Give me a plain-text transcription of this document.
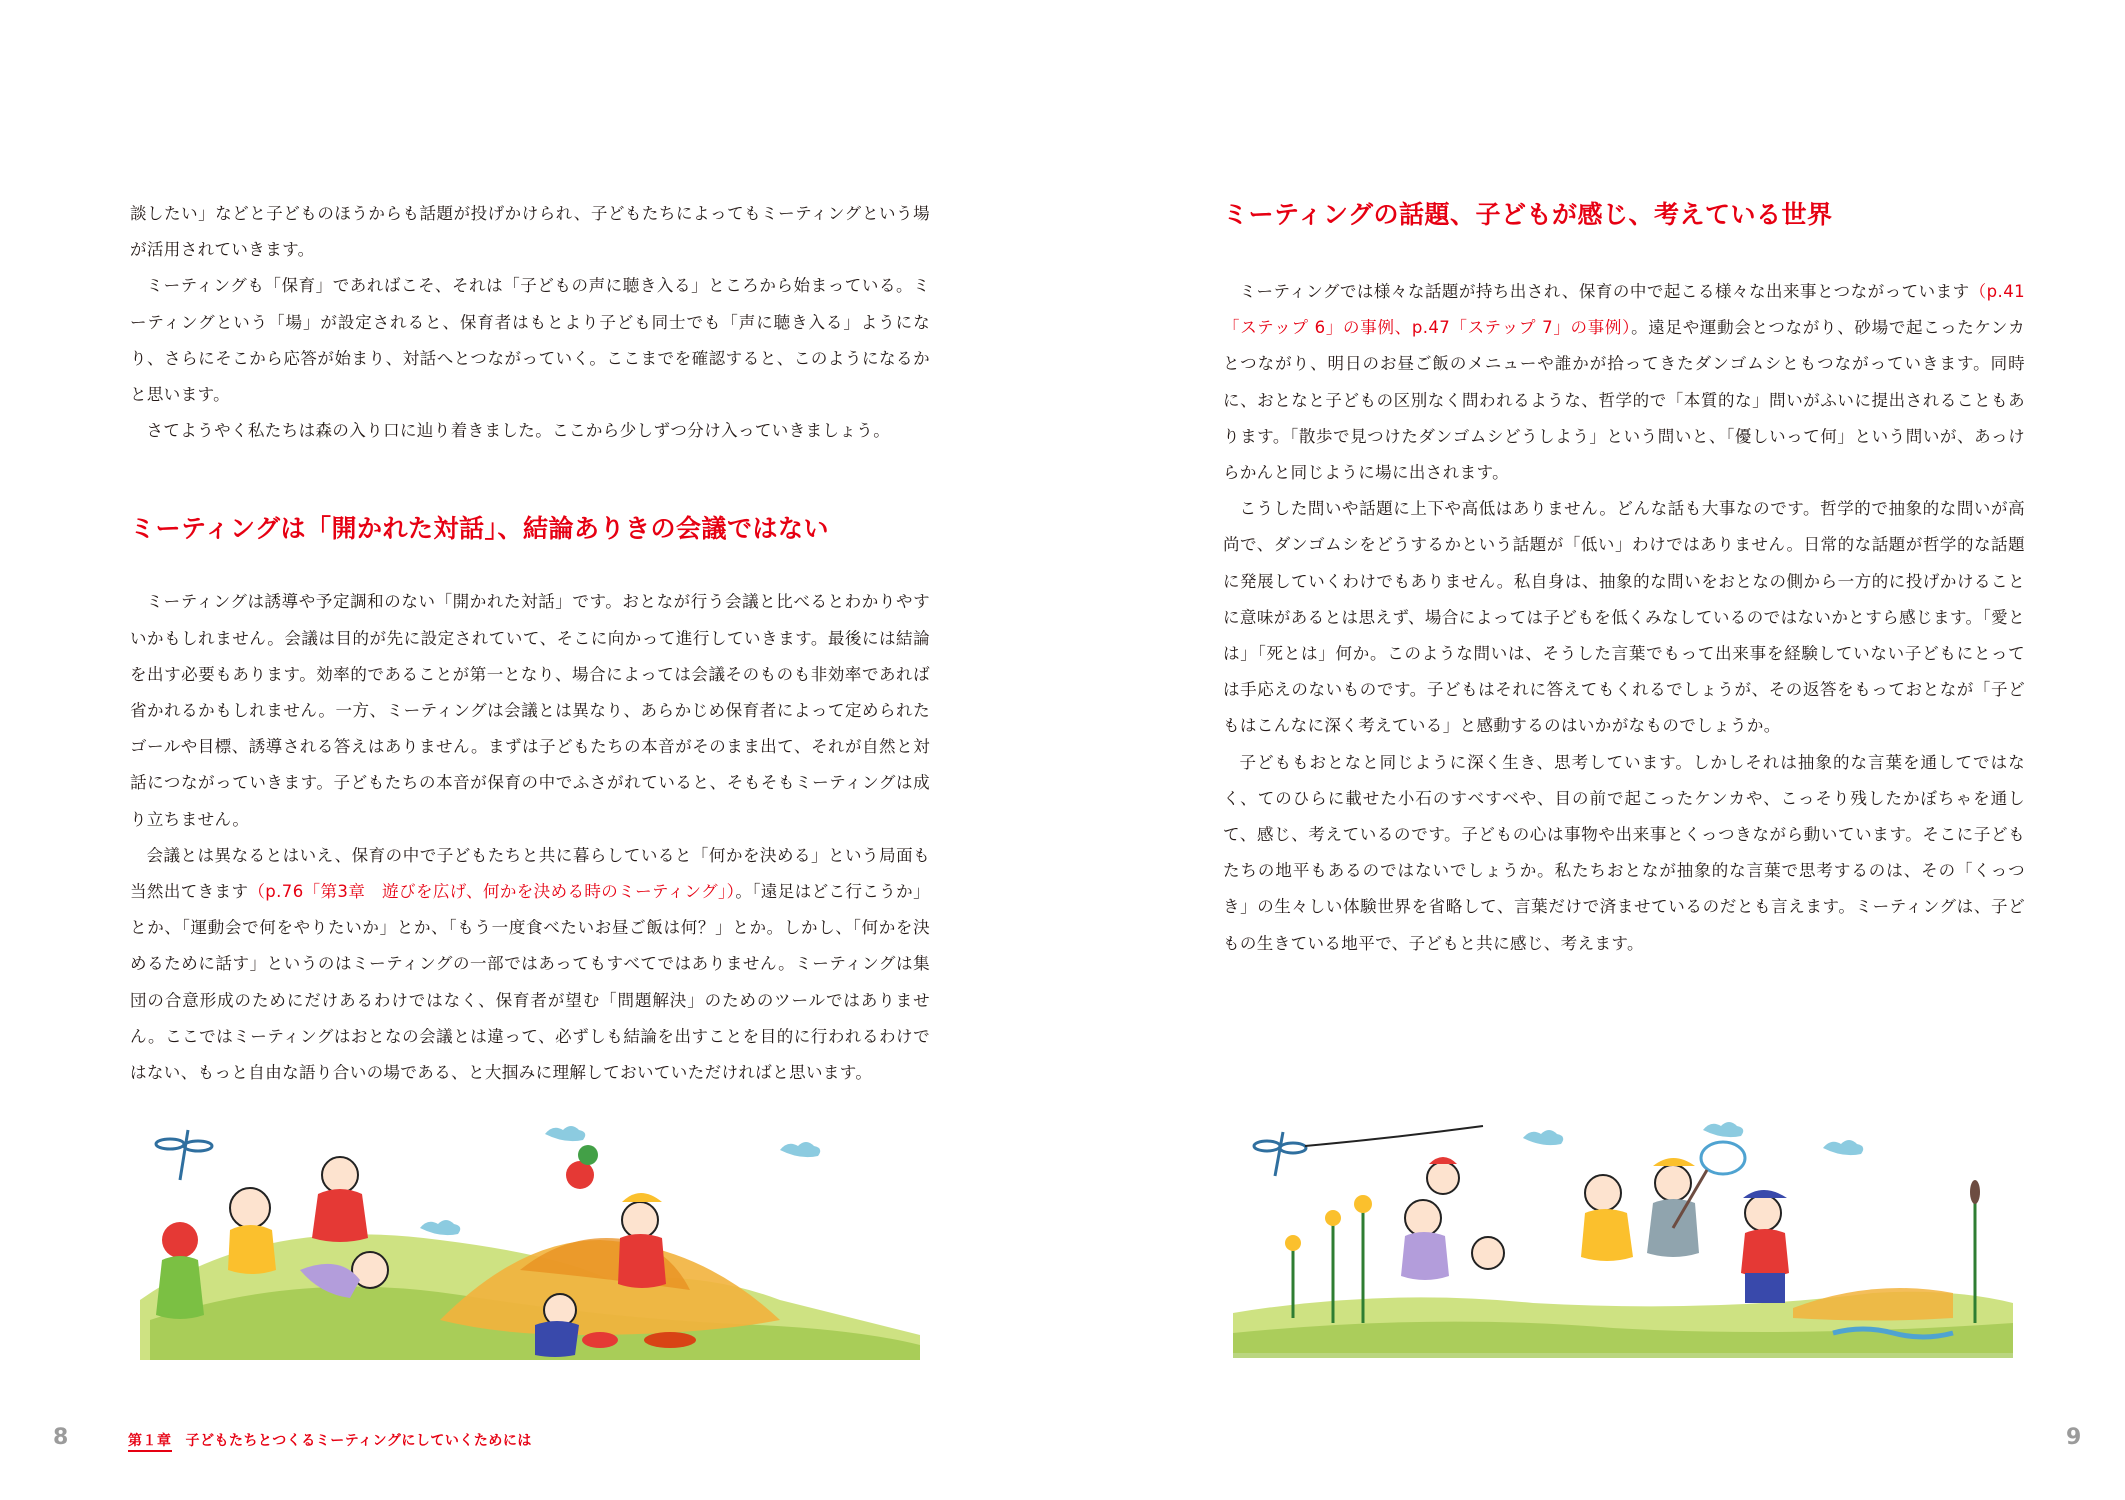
談したい」などと子どものほうからも話題が投げかけられ、子どもたちによってもミーティングという場が活用されていきます。

ミーティングも「保育」であればこそ、それは「子どもの声に聴き入る」ところから始まっている。ミーティングという「場」が設定されると、保育者はもとより子ども同士でも「声に聴き入る」ようになり、さらにそこから応答が始まり、対話へとつながっていく。ここまでを確認すると、このようになるかと思います。

さてようやく私たちは森の入り口に辿り着きました。ここから少しずつ分け入っていきましょう。

ミーティングは「開かれた対話」、結論ありきの会議ではない

ミーティングは誘導や予定調和のない「開かれた対話」です。おとなが行う会議と比べるとわかりやすいかもしれません。会議は目的が先に設定されていて、そこに向かって進行していきます。最後には結論を出す必要もあります。効率的であることが第一となり、場合によっては会議そのものも非効率であれば省かれるかもしれません。一方、ミーティングは会議とは異なり、あらかじめ保育者によって定められたゴールや目標、誘導される答えはありません。まずは子どもたちの本音がそのまま出て、それが自然と対話につながっていきます。子どもたちの本音が保育の中でふさがれていると、そもそもミーティングは成り立ちません。

会議とは異なるとはいえ、保育の中で子どもたちと共に暮らしていると「何かを決める」という局面も当然出てきます（p.76「第3章　遊びを広げ、何かを決める時のミーティング」）。「遠足はどこ行こうか」とか、「運動会で何をやりたいか」とか、「もう一度食べたいお昼ご飯は何？」とか。しかし、「何かを決めるために話す」というのはミーティングの一部ではあってもすべてではありません。ミーティングは集団の合意形成のためにだけあるわけではなく、保育者が望む「問題解決」のためのツールではありません。ここではミーティングはおとなの会議とは違って、必ずしも結論を出すことを目的に行われるわけではない、もっと自由な語り合いの場である、と大掴みに理解しておいていただければと思います。

8	第１章 子どもたちとつくるミーティングにしていくためには
ミーティングの話題、子どもが感じ、考えている世界

ミーティングでは様々な話題が持ち出され、保育の中で起こる様々な出来事とつながっています（p.41「ステップ 6」の事例、p.47「ステップ 7」の事例）。遠足や運動会とつながり、砂場で起こったケンカとつながり、明日のお昼ご飯のメニューや誰かが拾ってきたダンゴムシともつながっていきます。同時に、おとなと子どもの区別なく問われるような、哲学的で「本質的な」問いがふいに提出されることもあります。「散歩で見つけたダンゴムシどうしよう」という問いと、「優しいって何」という問いが、あっけらかんと同じように場に出されます。

こうした問いや話題に上下や高低はありません。どんな話も大事なのです。哲学的で抽象的な問いが高尚で、ダンゴムシをどうするかという話題が「低い」わけではありません。日常的な話題が哲学的な話題に発展していくわけでもありません。私自身は、抽象的な問いをおとなの側から一方的に投げかけることに意味があるとは思えず、場合によっては子どもを低くみなしているのではないかとすら感じます。「愛とは」「死とは」何か。このような問いは、そうした言葉でもって出来事を経験していない子どもにとっては手応えのないものです。子どもはそれに答えてもくれるでしょうが、その返答をもっておとなが「子どもはこんなに深く考えている」と感動するのはいかがなものでしょうか。

子どももおとなと同じように深く生き、思考しています。しかしそれは抽象的な言葉を通してではなく、てのひらに載せた小石のすべすべや、目の前で起こったケンカや、こっそり残したかぼちゃを通して、感じ、考えているのです。子どもの心は事物や出来事とくっつきながら動いています。そこに子どもたちの地平もあるのではないでしょうか。私たちおとなが抽象的な言葉で思考するのは、その「くっつき」の生々しい体験世界を省略して、言葉だけで済ませているのだとも言えます。ミーティングは、子どもの生きている地平で、子どもと共に感じ、考えます。

9
